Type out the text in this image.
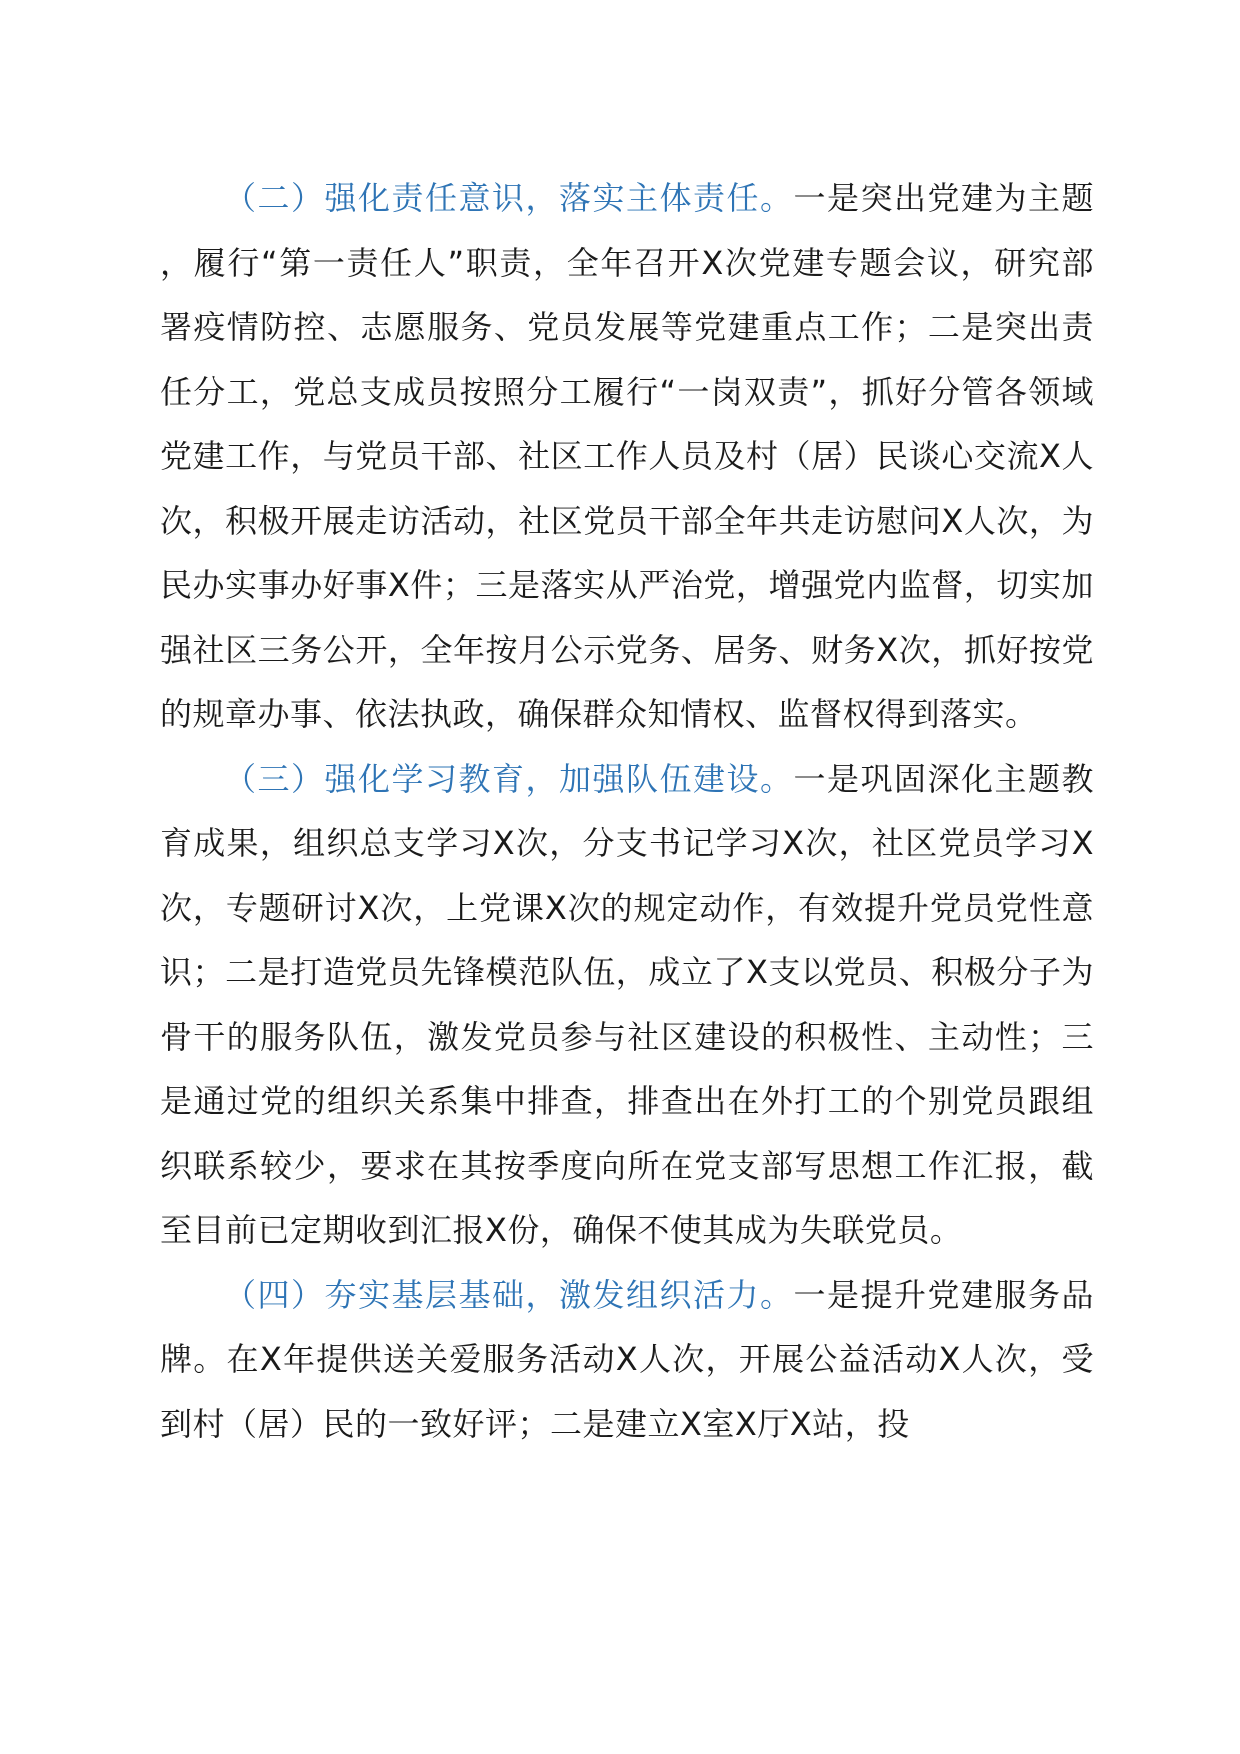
（二）强化责任意识，落实主体责任。一是突出党建为主题，履行“第一责任人”职责，全年召开X次党建专题会议，研究部署疫情防控、志愿服务、党员发展等党建重点工作；二是突出责任分工，党总支成员按照分工履行“一岗双责”，抓好分管各领域党建工作，与党员干部、社区工作人员及村（居）民谈心交流X人次，积极开展走访活动，社区党员干部全年共走访慰问X人次，为民办实事办好事X件；三是落实从严治党，增强党内监督，切实加强社区三务公开，全年按月公示党务、居务、财务X次，抓好按党的规章办事、依法执政，确保群众知情权、监督权得到落实。

（三）强化学习教育，加强队伍建设。一是巩固深化主题教育成果，组织总支学习X次，分支书记学习X次，社区党员学习X次，专题研讨X次，上党课X次的规定动作，有效提升党员党性意识；二是打造党员先锋模范队伍，成立了X支以党员、积极分子为骨干的服务队伍，激发党员参与社区建设的积极性、主动性；三是通过党的组织关系集中排查，排查出在外打工的个别党员跟组织联系较少，要求在其按季度向所在党支部写思想工作汇报，截至目前已定期收到汇报X份，确保不使其成为失联党员。

（四）夯实基层基础，激发组织活力。一是提升党建服务品牌。在X年提供送关爱服务活动X人次，开展公益活动X人次，受到村（居）民的一致好评；二是建立X室X厅X站，投
